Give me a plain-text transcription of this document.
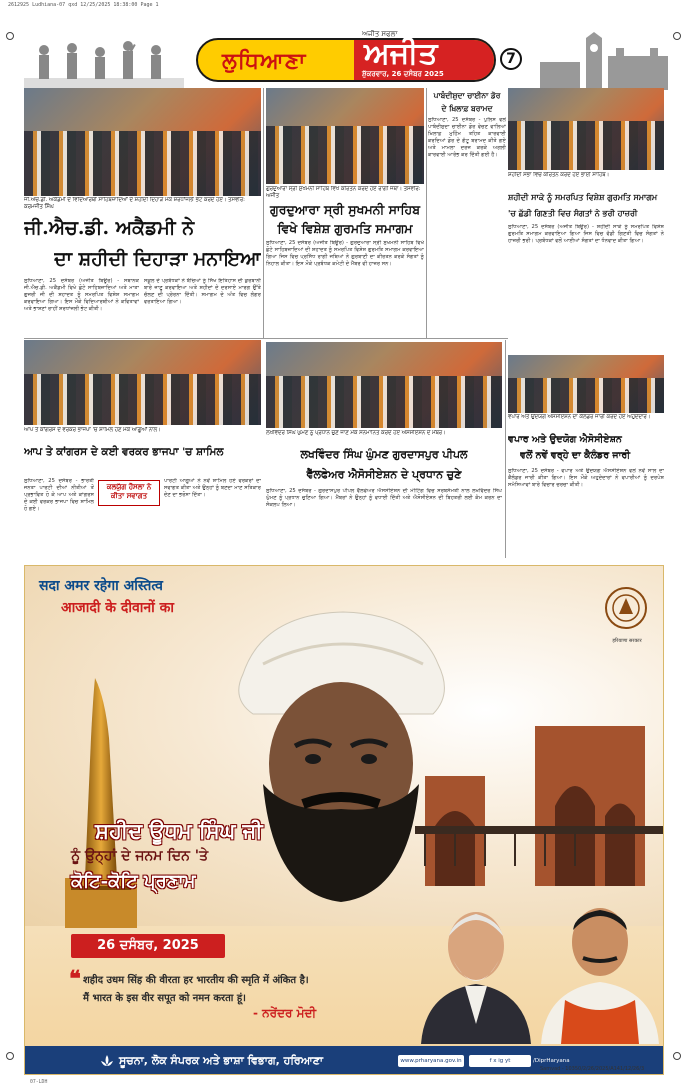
2612925 Ludhiana-07 qxd 12/25/2025 18:38:00 Page 1
ਲੁਧਿਆਣਾ
ਅਜੀਤ ਸਫਲਾ
ਅਜੀਤ
ਸ਼ੁੱਕਰਵਾਰ, 26 ਦਸੰਬਰ 2025
7
ਜੀ.ਐਚ.ਡੀ. ਅਕੈਡਮੀ ਦੇ ਵਿਦਿਆਰਥੀ ਸਾਹਿਬਜ਼ਾਦਿਆਂ ਦੇ ਸ਼ਹੀਦੀ ਦਿਹਾੜੇ ਮੌਕੇ ਸ਼ਰਧਾਂਜਲੀ ਭੇਟ ਕਰਦੇ ਹੋਏ। ਤਸਵੀਰ: ਕਰਮਜੀਤ ਸਿੰਘ
ਜੀ.ਐਚ.ਡੀ. ਅਕੈਡਮੀ ਨੇ
ਦਾ ਸ਼ਹੀਦੀ ਦਿਹਾੜਾ ਮਨਾਇਆ
ਲੁਧਿਆਣਾ, 25 ਦਸੰਬਰ (ਅਜੀਤ ਬਿਊਰੋ) - ਸਥਾਨਕ ਜੀ.ਐਚ.ਡੀ. ਅਕੈਡਮੀ ਵਿਖੇ ਛੋਟੇ ਸਾਹਿਬਜ਼ਾਦਿਆਂ ਅਤੇ ਮਾਤਾ ਗੁਜਰੀ ਜੀ ਦੀ ਸ਼ਹਾਦਤ ਨੂੰ ਸਮਰਪਿਤ ਵਿਸ਼ੇਸ਼ ਸਮਾਗਮ ਕਰਵਾਇਆ ਗਿਆ। ਇਸ ਮੌਕੇ ਵਿਦਿਆਰਥੀਆਂ ਨੇ ਕਵਿਤਾਵਾਂ ਅਤੇ ਭਾਸ਼ਣਾਂ ਰਾਹੀਂ ਸ਼ਰਧਾਂਜਲੀ ਭੇਟ ਕੀਤੀ।
ਸਕੂਲ ਦੇ ਪ੍ਰਬੰਧਕਾਂ ਨੇ ਬੱਚਿਆਂ ਨੂੰ ਸਿੱਖ ਇਤਿਹਾਸ ਦੀ ਕੁਰਬਾਨੀ ਬਾਰੇ ਜਾਣੂ ਕਰਵਾਇਆ ਅਤੇ ਸ਼ਹੀਦਾਂ ਦੇ ਦਰਸਾਏ ਮਾਰਗ ਉੱਤੇ ਚੱਲਣ ਦੀ ਪ੍ਰੇਰਨਾ ਦਿੱਤੀ। ਸਮਾਗਮ ਦੇ ਅੰਤ ਵਿਚ ਲੰਗਰ ਵਰਤਾਇਆ ਗਿਆ।
ਗੁਰਦੁਆਰਾ ਸ੍ਰੀ ਸੁਖਮਨੀ ਸਾਹਿਬ ਵਿਖੇ ਕੀਰਤਨ ਕਰਦੇ ਹੋਏ ਰਾਗੀ ਜਥਾ। ਤਸਵੀਰ: ਅਜੀਤ
ਗੁਰਦੁਆਰਾ ਸ੍ਰੀ ਸੁਖਮਨੀ ਸਾਹਿਬ
ਵਿਖੇ ਵਿਸ਼ੇਸ਼ ਗੁਰਮਤਿ ਸਮਾਗਮ
ਲੁਧਿਆਣਾ, 25 ਦਸੰਬਰ (ਅਜੀਤ ਬਿਊਰੋ) - ਗੁਰਦੁਆਰਾ ਸ੍ਰੀ ਸੁਖਮਨੀ ਸਾਹਿਬ ਵਿਖੇ ਛੋਟੇ ਸਾਹਿਬਜ਼ਾਦਿਆਂ ਦੀ ਸ਼ਹਾਦਤ ਨੂੰ ਸਮਰਪਿਤ ਵਿਸ਼ੇਸ਼ ਗੁਰਮਤਿ ਸਮਾਗਮ ਕਰਵਾਇਆ ਗਿਆ ਜਿਸ ਵਿਚ ਪ੍ਰਸਿੱਧ ਰਾਗੀ ਜਥਿਆਂ ਨੇ ਗੁਰਬਾਣੀ ਦਾ ਕੀਰਤਨ ਕਰਕੇ ਸੰਗਤਾਂ ਨੂੰ ਨਿਹਾਲ ਕੀਤਾ। ਇਸ ਮੌਕੇ ਪ੍ਰਬੰਧਕ ਕਮੇਟੀ ਦੇ ਮੈਂਬਰ ਵੀ ਹਾਜ਼ਰ ਸਨ।
ਪਾਬੰਦੀਸ਼ੁਦਾ ਚਾਈਨਾ ਡੋਰ
ਦੇ ਖ਼ਿਲਾਫ਼ ਬਰਾਮਦ
ਲੁਧਿਆਣਾ, 25 ਦਸੰਬਰ - ਪੁਲਿਸ ਵਲੋਂ ਪਾਬੰਦੀਸ਼ੁਦਾ ਚਾਈਨਾ ਡੋਰ ਵੇਚਣ ਵਾਲਿਆਂ ਖ਼ਿਲਾਫ਼ ਮੁਹਿੰਮ ਤਹਿਤ ਕਾਰਵਾਈ ਕਰਦਿਆਂ ਡੋਰ ਦੇ ਗੱਟੂ ਬਰਾਮਦ ਕੀਤੇ ਗਏ ਅਤੇ ਮਾਮਲਾ ਦਰਜ ਕਰਕੇ ਅਗਲੀ ਕਾਰਵਾਈ ਆਰੰਭ ਕਰ ਦਿੱਤੀ ਗਈ ਹੈ।
ਸ਼ਹੀਦੀ ਸਭਾ ਵਿਚ ਕੀਰਤਨ ਕਰਦੇ ਹੋਏ ਭਾਈ ਸਾਹਿਬ।
ਸ਼ਹੀਦੀ ਸਾਕੇ ਨੂੰ ਸਮਰਪਿਤ ਵਿਸ਼ੇਸ਼ ਗੁਰਮਤਿ ਸਮਾਗਮ
'ਚ ਛੱਡੀ ਗਿਣਤੀ ਵਿਚ ਸੰਗਤਾਂ ਨੇ ਭਰੀ ਹਾਜ਼ਰੀ
ਲੁਧਿਆਣਾ, 25 ਦਸੰਬਰ (ਅਜੀਤ ਬਿਊਰੋ) - ਸ਼ਹੀਦੀ ਸਾਕੇ ਨੂੰ ਸਮਰਪਿਤ ਵਿਸ਼ੇਸ਼ ਗੁਰਮਤਿ ਸਮਾਗਮ ਕਰਵਾਇਆ ਗਿਆ ਜਿਸ ਵਿਚ ਵੱਡੀ ਗਿਣਤੀ ਵਿਚ ਸੰਗਤਾਂ ਨੇ ਹਾਜ਼ਰੀ ਭਰੀ। ਪ੍ਰਬੰਧਕਾਂ ਵਲੋਂ ਆਈਆਂ ਸੰਗਤਾਂ ਦਾ ਧੰਨਵਾਦ ਕੀਤਾ ਗਿਆ।
ਆਪ ਤੇ ਕਾਂਗਰਸ ਦੇ ਵਰਕਰ ਭਾਜਪਾ 'ਚ ਸ਼ਾਮਿਲ ਹੋਣ ਮੌਕੇ ਆਗੂਆਂ ਨਾਲ।
ਆਪ ਤੇ ਕਾਂਗਰਸ ਦੇ ਕਈ ਵਰਕਰ ਭਾਜਪਾ 'ਚ ਸ਼ਾਮਿਲ
ਲੁਧਿਆਣਾ, 25 ਦਸੰਬਰ - ਭਾਰਤੀ ਜਨਤਾ ਪਾਰਟੀ ਦੀਆਂ ਨੀਤੀਆਂ ਤੋਂ ਪ੍ਰਭਾਵਿਤ ਹੋ ਕੇ ਆਪ ਅਤੇ ਕਾਂਗਰਸ ਦੇ ਕਈ ਵਰਕਰ ਭਾਜਪਾ ਵਿਚ ਸ਼ਾਮਿਲ ਹੋ ਗਏ।
ਕਲਯੁੱਗ ਹੌਸਲਾ ਨੇ ਕੀਤਾ ਸਵਾਗਤ
ਪਾਰਟੀ ਆਗੂਆਂ ਨੇ ਨਵੇਂ ਸ਼ਾਮਿਲ ਹੋਏ ਵਰਕਰਾਂ ਦਾ ਸਵਾਗਤ ਕੀਤਾ ਅਤੇ ਉਨ੍ਹਾਂ ਨੂੰ ਬਣਦਾ ਮਾਣ ਸਤਿਕਾਰ ਦੇਣ ਦਾ ਭਰੋਸਾ ਦਿੱਤਾ।
ਲਖਵਿੰਦਰ ਸਿੰਘ ਘੁੰਮਣ ਨੂੰ ਪ੍ਰਧਾਨ ਚੁਣੇ ਜਾਣ ਮੌਕੇ ਸਨਮਾਨਿਤ ਕਰਦੇ ਹੋਏ ਐਸੋਸੀਏਸ਼ਨ ਦੇ ਮੈਂਬਰ।
ਲਖਵਿੰਦਰ ਸਿੰਘ ਘੁੰਮਣ ਗੁਰਦਾਸਪੁਰ ਪੀਪਲ
ਵੈੱਲਫੇਅਰ ਐਸੋਸੀਏਸ਼ਨ ਦੇ ਪ੍ਰਧਾਨ ਚੁਣੇ
ਲੁਧਿਆਣਾ, 25 ਦਸੰਬਰ - ਗੁਰਦਾਸਪੁਰ ਪੀਪਲ ਵੈੱਲਫੇਅਰ ਐਸੋਸੀਏਸ਼ਨ ਦੀ ਮੀਟਿੰਗ ਵਿਚ ਸਰਬਸੰਮਤੀ ਨਾਲ ਲਖਵਿੰਦਰ ਸਿੰਘ ਘੁੰਮਣ ਨੂੰ ਪ੍ਰਧਾਨ ਚੁਣਿਆ ਗਿਆ। ਮੈਂਬਰਾਂ ਨੇ ਉਨ੍ਹਾਂ ਨੂੰ ਵਧਾਈ ਦਿੱਤੀ ਅਤੇ ਐਸੋਸੀਏਸ਼ਨ ਦੀ ਬਿਹਤਰੀ ਲਈ ਕੰਮ ਕਰਨ ਦਾ ਸੰਕਲਪ ਲਿਆ।
ਵਪਾਰ ਅਤੇ ਉਦਯੋਗ ਐਸੋਸੀਏਸ਼ਨ ਦਾ ਕੈਲੰਡਰ ਜਾਰੀ ਕਰਦੇ ਹੋਏ ਅਹੁਦੇਦਾਰ।
ਵਪਾਰ ਅਤੇ ਉਦਯੋਗ ਐਸੋਸੀਏਸ਼ਨ
ਵਲੋਂ ਨਵੇਂ ਵਰ੍ਹੇ ਦਾ ਕੈਲੰਡਰ ਜਾਰੀ
ਲੁਧਿਆਣਾ, 25 ਦਸੰਬਰ - ਵਪਾਰ ਅਤੇ ਉਦਯੋਗ ਐਸੋਸੀਏਸ਼ਨ ਵਲੋਂ ਨਵੇਂ ਸਾਲ ਦਾ ਕੈਲੰਡਰ ਜਾਰੀ ਕੀਤਾ ਗਿਆ। ਇਸ ਮੌਕੇ ਅਹੁਦੇਦਾਰਾਂ ਨੇ ਵਪਾਰੀਆਂ ਨੂੰ ਦਰਪੇਸ਼ ਸਮੱਸਿਆਵਾਂ ਬਾਰੇ ਵਿਚਾਰ ਚਰਚਾ ਕੀਤੀ।
सदा अमर रहेगा अस्तित्व
आजादी के दीवानों का
हरियाणा सरकार
ਸ਼ਹੀਦ ਊਧਮ ਸਿੰਘ ਜੀ
ਨੂੰ ਉਨ੍ਹਾਂ ਦੇ ਜਨਮ ਦਿਨ 'ਤੇ
ਕੋਟਿ-ਕੋਟਿ ਪ੍ਰਣਾਮ
26 ਦਸੰਬਰ, 2025
❝ शहीद उधम सिंह की वीरता हर भारतीय की स्मृति में अंकित है।
मैं भारत के इस वीर सपूत को नमन करता हूं।
- ਨਰੇਂਦਰ ਮੋਦੀ
ਸੂਚਨਾ, ਲੋਕ ਸੰਪਰਕ ਅਤੇ ਭਾਸ਼ਾ ਵਿਭਾਗ, ਹਰਿਆਣਾ	www.prharyana.gov.in	f x ig yt	/DiprHaryana
Samvad - 10350/2/26/2025/A141/12/26/3
07-LDH
